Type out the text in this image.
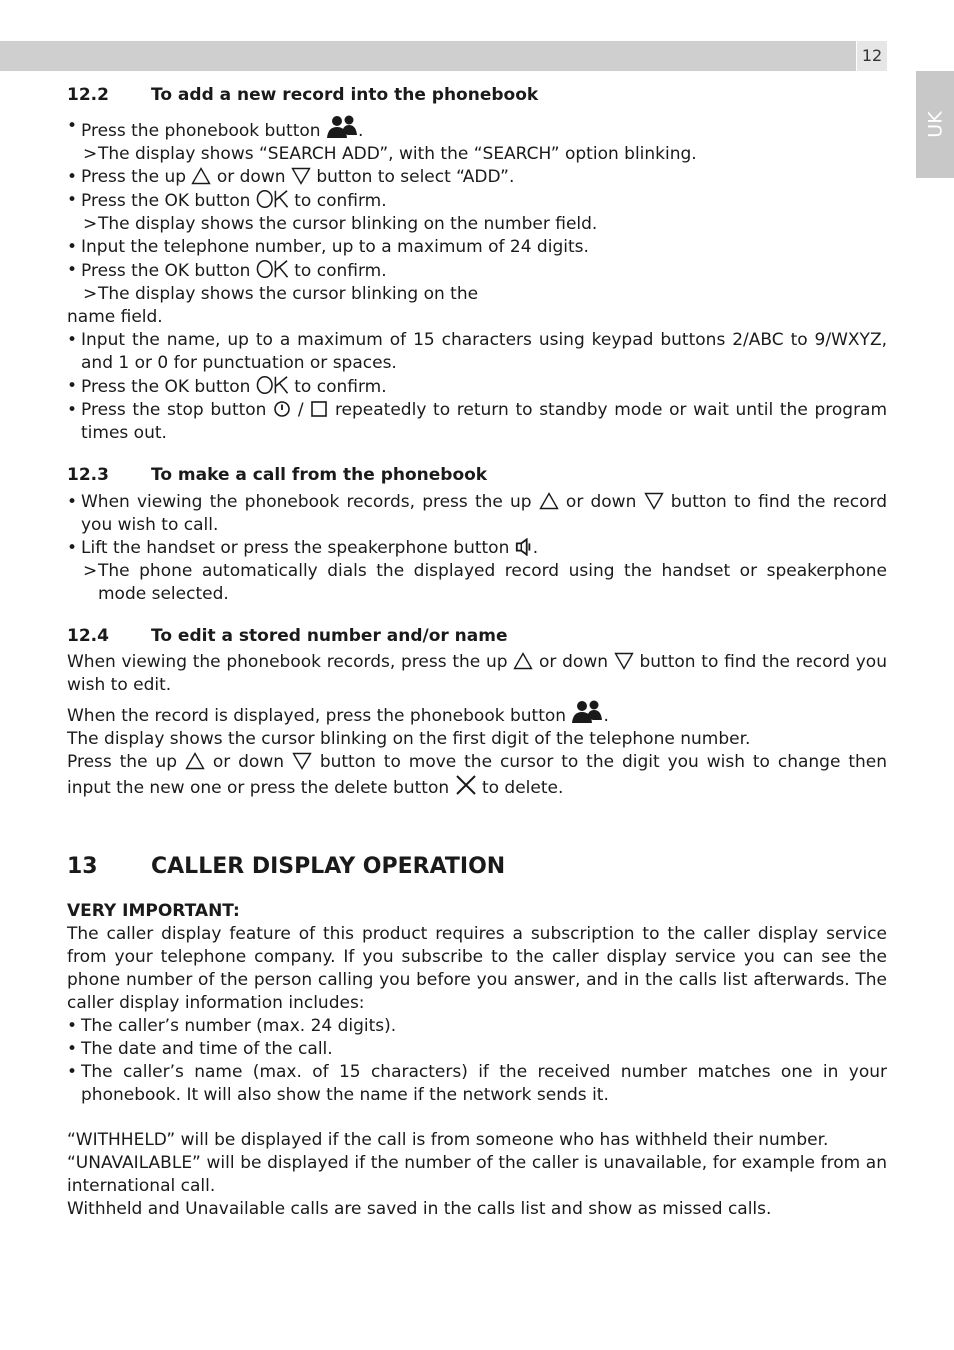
12
UK
12.2	To add a new record into the phonebook
• Press the phonebook button .
> The display shows “SEARCH ADD”, with the “SEARCH” option blinking.
• Press the up or down button to select “ADD”.
• Press the OK button	to confirm.
> The display shows the cursor blinking on the number field.
• Input the telephone number, up to a maximum of 24 digits.
• Press the OK button	to confirm.
> The display shows the cursor blinking on the
name field.
• Input the name, up to a maximum of 15 characters using keypad buttons 2/ABC to 9/WXYZ, and 1 or 0 for punctuation or spaces.
• Press the OK button	to confirm.
• Press the stop button / repeatedly to return to standby mode or wait until the program times out.
12.3	To make a call from the phonebook
• When viewing the phonebook records, press the up or down button to find the record you wish to call.
• Lift the handset or press the speakerphone button .
> The phone automatically dials the displayed record using the handset or speakerphone mode selected.
12.4	To edit a stored number and/or name
When viewing the phonebook records, press the up or down button to find the record you wish to edit.
When the record is displayed, press the phonebook button .
The display shows the cursor blinking on the first digit of the telephone number.
Press the up or down button to move the cursor to the digit you wish to change then input the new one or press the delete button to delete.
13	CALLER DISPLAY OPERATION
VERY IMPORTANT:
The caller display feature of this product requires a subscription to the caller display service from your telephone company. If you subscribe to the caller display service you can see the phone number of the person calling you before you answer, and in the calls list afterwards. The caller display information includes:
• The caller’s number (max. 24 digits).
• The date and time of the call.
• The caller’s name (max. of 15 characters) if the received number matches one in your phonebook. It will also show the name if the network sends it.
“WITHHELD” will be displayed if the call is from someone who has withheld their number.
“UNAVAILABLE” will be displayed if the number of the caller is unavailable, for example from an international call.
Withheld and Unavailable calls are saved in the calls list and show as missed calls.
